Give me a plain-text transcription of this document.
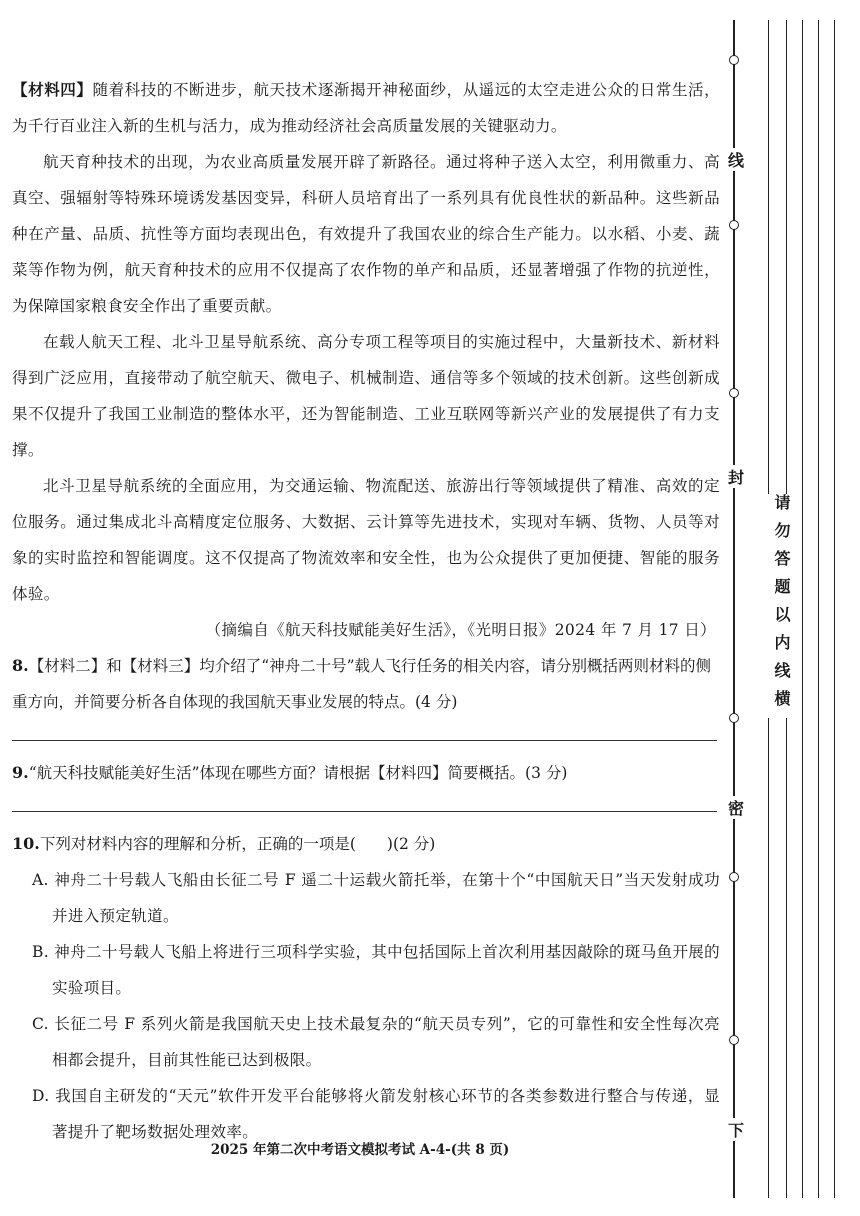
【材料四】随着科技的不断进步，航天技术逐渐揭开神秘面纱，从遥远的太空走进公众的日常生活，为千行百业注入新的生机与活力，成为推动经济社会高质量发展的关键驱动力。

航天育种技术的出现，为农业高质量发展开辟了新路径。通过将种子送入太空，利用微重力、高真空、强辐射等特殊环境诱发基因变异，科研人员培育出了一系列具有优良性状的新品种。这些新品种在产量、品质、抗性等方面均表现出色，有效提升了我国农业的综合生产能力。以水稻、小麦、蔬菜等作物为例，航天育种技术的应用不仅提高了农作物的单产和品质，还显著增强了作物的抗逆性，为保障国家粮食安全作出了重要贡献。

在载人航天工程、北斗卫星导航系统、高分专项工程等项目的实施过程中，大量新技术、新材料得到广泛应用，直接带动了航空航天、微电子、机械制造、通信等多个领域的技术创新。这些创新成果不仅提升了我国工业制造的整体水平，还为智能制造、工业互联网等新兴产业的发展提供了有力支撑。

北斗卫星导航系统的全面应用，为交通运输、物流配送、旅游出行等领域提供了精准、高效的定位服务。通过集成北斗高精度定位服务、大数据、云计算等先进技术，实现对车辆、货物、人员等对象的实时监控和智能调度。这不仅提高了物流效率和安全性，也为公众提供了更加便捷、智能的服务体验。

（摘编自《航天科技赋能美好生活》，《光明日报》2024 年 7 月 17 日）

8.【材料二】和【材料三】均介绍了“神舟二十号”载人飞行任务的相关内容，请分别概括两则材料的侧重方向，并简要分析各自体现的我国航天事业发展的特点。(4 分)
9.“航天科技赋能美好生活”体现在哪些方面？请根据【材料四】简要概括。(3 分)
10.下列对材料内容的理解和分析，正确的一项是(　　)(2 分)

A. 神舟二十号载人飞船由长征二号 F 遥二十运载火箭托举，在第十个“中国航天日”当天发射成功并进入预定轨道。

B. 神舟二十号载人飞船上将进行三项科学实验，其中包括国际上首次利用基因敲除的斑马鱼开展的实验项目。

C. 长征二号 F 系列火箭是我国航天史上技术最复杂的“航天员专列”，它的可靠性和安全性每次亮相都会提升，目前其性能已达到极限。

D. 我国自主研发的“天元”软件开发平台能够将火箭发射核心环节的各类参数进行整合与传递，显著提升了靶场数据处理效率。

2025 年第二次中考语文模拟考试 A-4-(共 8 页)
线
封
密
下
请勿答题以内线横
